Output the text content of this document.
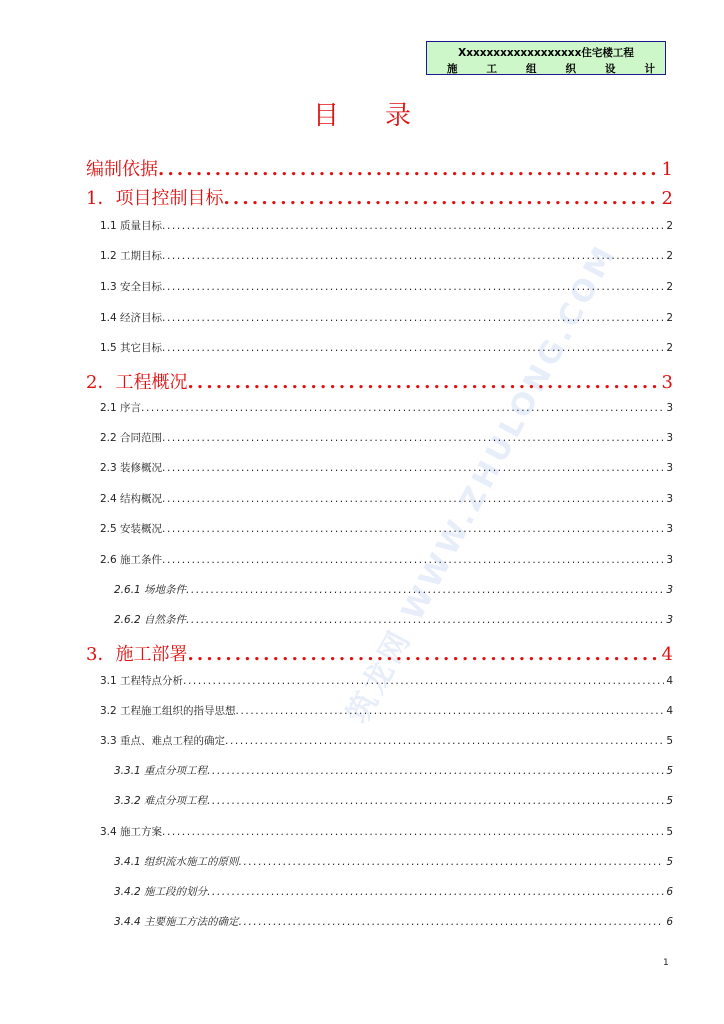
Xxxxxxxxxxxxxxxxxx住宅楼工程
施	工	组	织	设	计
目录
筑龙网 WWW.ZHULONG.COM
编制依据 .....	1
1．项目控制目标 .....	2
1.1 质量目标 .....	2
1.2 工期目标 .....	2
1.3 安全目标 .....	2
1.4 经济目标 .....	2
1.5 其它目标 .....	2
2．工程概况 .....	3
2.1 序言 .....	3
2.2 合同范围 .....	3
2.3 装修概况 .....	3
2.4 结构概况 .....	3
2.5 安装概况 .....	3
2.6 施工条件 .....	3
2.6.1 场地条件 .....	3
2.6.2 自然条件 .....	3
3．施工部署 .....	4
3.1 工程特点分析 .....	4
3.2 工程施工组织的指导思想 .....	4
3.3 重点、难点工程的确定 .....	5
3.3.1 重点分项工程 .....	5
3.3.2 难点分项工程 .....	5
3.4 施工方案 .....	5
3.4.1 组织流水施工的原则 .....	5
3.4.2 施工段的划分 .....	6
3.4.4 主要施工方法的确定 .....	6
1
